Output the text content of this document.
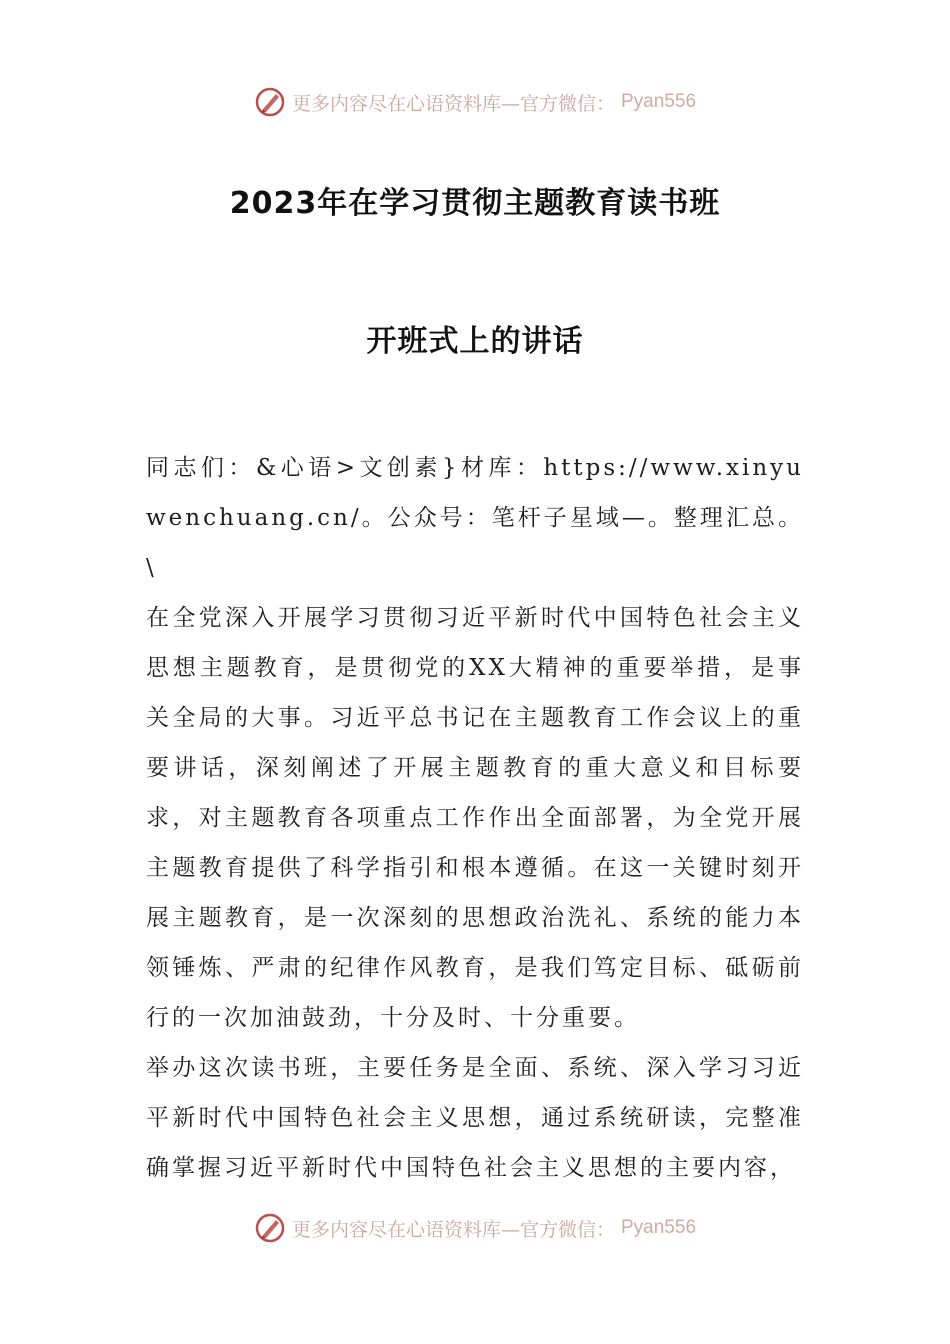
更多内容尽在心语资料库—官方微信： Pyan556
2023年在学习贯彻主题教育读书班
开班式上的讲话

同志们：&心语>文创素}材库：https://www.xinyuwenchuang.cn/。公众号：笔杆子星域—。整理汇总。\

在全党深入开展学习贯彻习近平新时代中国特色社会主义思想主题教育，是贯彻党的XX大精神的重要举措，是事关全局的大事。习近平总书记在主题教育工作会议上的重要讲话，深刻阐述了开展主题教育的重大意义和目标要求，对主题教育各项重点工作作出全面部署，为全党开展主题教育提供了科学指引和根本遵循。在这一关键时刻开展主题教育，是一次深刻的思想政治洗礼、系统的能力本领锤炼、严肃的纪律作风教育，是我们笃定目标、砥砺前行的一次加油鼓劲，十分及时、十分重要。

举办这次读书班，主要任务是全面、系统、深入学习习近平新时代中国特色社会主义思想，通过系统研读，完整准确掌握习近平新时代中国特色社会主义思想的主要内容，

更多内容尽在心语资料库—官方微信： Pyan556
